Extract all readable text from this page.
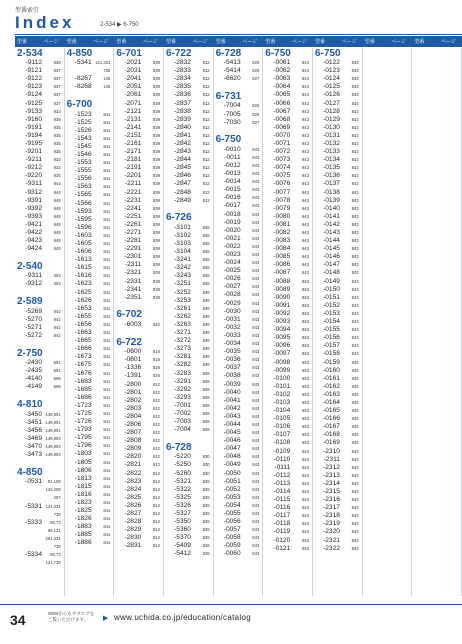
型番索引
Index	2-534 ▶ 6-750
型番	ページ 型番	ページ 型番	ページ 型番	ページ 型番	ページ 型番	ページ 型番	ページ 型番	ページ 型番	ページ
2-534
-9112	838
-9121	837
-9122	837
-9123	837
-9124	837
-9125	837
-9133	833
-9160	839
-9191	835
-9194	835
-9195	835
-9201	835
-9211	832
-9212	832
-9220	835
-9311	844
-9312	844
-9391	845
-9392	845
-9393	845
-9421	845
-9422	845
-9423	845
-9424	845
2-540
-9311	353
-9312	353
2-589
-5269	842
-5270	842
-5271	842
-5272	842
2-750
-2430	591
-2435	591
-4140	596
-4149	596
4-810
-3450 149,891
-3451 149,891
-3456 149,891
-3469 149,892
-3470 149,892
-3473 149,892
4-850
-0531	81,108
143,208
207
-5331 121,331
739
-5333	56,73
95,121
281,331
739
-5334	56,73
121,739
4-850
-5341 121,331
739
-8267	146
-8268	146
6-700
-1523	841
-1525	841
-1526	841
-1543	841
-1545	841
-1546	841
-1553	841
-1555	841
-1556	841
-1563	841
-1565	841
-1566	841
-1593	841
-1595	841
-1596	841
-1603	841
-1605	841
-1606	841
-1613	841
-1615	841
-1616	841
-1623	841
-1625	841
-1626	841
-1653	841
-1655	841
-1656	841
-1663	841
-1665	841
-1666	841
-1673	841
-1675	841
-1676	841
-1683	841
-1685	841
-1686	841
-1723	841
-1725	841
-1726	841
-1793	841
-1795	841
-1796	841
-1803	841
-1805	841
-1806	841
-1813	841
-1815	841
-1816	841
-1823	841
-1825	841
-1826	841
-1883	841
-1885	841
-1886	841
6-701
-2021	839
-2031	839
-2041	839
-2051	839
-2061	839
-2071	839
-2121	839
-2131	839
-2141	839
-2151	839
-2161	839
-2171	839
-2181	839
-2191	839
-2201	839
-2211	839
-2221	839
-2231	839
-2241	839
-2251	839
-2261	839
-2271	839
-2281	839
-2291	839
-2301	839
-2311	839
-2321	839
-2331	839
-2341	839
-2351	839
6-702
-6003	842
6-722
-0600	816
-0601	816
-1336	826
-1391	826
-2800	812
-2801	812
-2802	812
-2803	812
-2804	812
-2806	812
-2807	812
-2808	812
-2809	812
-2820	812
-2821	812
-2822	812
-2823	812
-2824	812
-2825	812
-2826	812
-2827	812
-2828	812
-2829	812
-2830	812
-2831	812
6-722
-2832	812
-2833	812
-2834	812
-2835	812
-2836	812
-2837	812
-2838	812
-2839	812
-2840	812
-2841	812
-2842	812
-2843	812
-2844	812
-2845	812
-2846	812
-2847	812
-2848	812
-2849	812
6-726
-3101	848
-3102	848
-3103	848
-3104	848
-3241	848
-3242	848
-3243	848
-3251	848
-3252	848
-3253	848
-3261	848
-3262	848
-3263	848
-3271	848
-3272	848
-3273	848
-3281	848
-3282	848
-3283	848
-3291	848
-3292	848
-3293	848
-7001	848
-7002	848
-7003	848
-7004	848
6-728
-5220	830
-5250	830
-5260	830
-5321	829
-5322	829
-5325	829
-5326	829
-5327	829
-5350	829
-5360	829
-5370	829
-5409	826
-5412	828
6-728
-5413	826
-5414	826
-6620	827
6-731
-7004	826
-7005	826
-7030	827
6-750
-0010	843
-0011	843
-0012	843
-0013	843
-0014	843
-0015	843
-0016	843
-0017	843
-0018	843
-0019	843
-0020	843
-0021	843
-0022	843
-0023	843
-0024	843
-0025	843
-0026	843
-0027	843
-0028	843
-0029	843
-0030	843
-0031	843
-0032	843
-0033	843
-0034	843
-0035	843
-0036	843
-0037	843
-0038	843
-0039	843
-0040	843
-0041	843
-0042	843
-0043	843
-0044	843
-0045	843
-0046	843
-0047	843
-0048	843
-0049	843
-0050	843
-0051	843
-0052	843
-0053	843
-0054	843
-0055	843
-0056	843
-0057	843
-0058	843
-0059	843
-0060	843
6-750
-0061	843
-0062	843
-0063	843
-0064	843
-0065	843
-0066	843
-0067	843
-0068	843
-0069	843
-0070	843
-0071	843
-0072	843
-0073	843
-0074	843
-0075	843
-0076	843
-0077	843
-0078	843
-0079	843
-0080	843
-0081	843
-0082	843
-0083	843
-0084	843
-0085	843
-0086	843
-0087	843
-0088	843
-0089	843
-0090	843
-0091	843
-0092	843
-0093	843
-0094	843
-0095	843
-0096	843
-0097	843
-0098	843
-0099	843
-0100	843
-0101	843
-0102	843
-0103	843
-0104	843
-0105	843
-0106	843
-0107	843
-0108	843
-0109	843
-0110	843
-0111	843
-0112	843
-0113	843
-0114	843
-0115	843
-0116	843
-0117	843
-0118	843
-0119	843
-0120	843
-0121	843
6-750
-0122	843
-0123	843
-0124	843
-0125	843
-0126	843
-0127	843
-0128	843
-0129	843
-0130	843
-0131	843
-0132	843
-0133	843
-0134	843
-0135	843
-0136	843
-0137	843
-0138	843
-0139	843
-0140	843
-0141	843
-0142	843
-0143	843
-0144	843
-0145	843
-0146	843
-0147	843
-0148	843
-0149	843
-0150	843
-0151	843
-0152	843
-0153	843
-0154	843
-0155	843
-0156	843
-0157	843
-0158	843
-0159	843
-0160	843
-0161	843
-0162	843
-0163	843
-0164	843
-0165	843
-0166	843
-0167	843
-0168	843
-0169	843
-2310	843
-2311	843
-2312	843
-2313	843
-2314	843
-2315	843
-2316	843
-2317	843
-2318	843
-2319	843
-2320	843
-2321	843
-2322	843
34	WEBからもカタログを ご覧いただけます。	▶ www.uchida.co.jp/education/catalog
